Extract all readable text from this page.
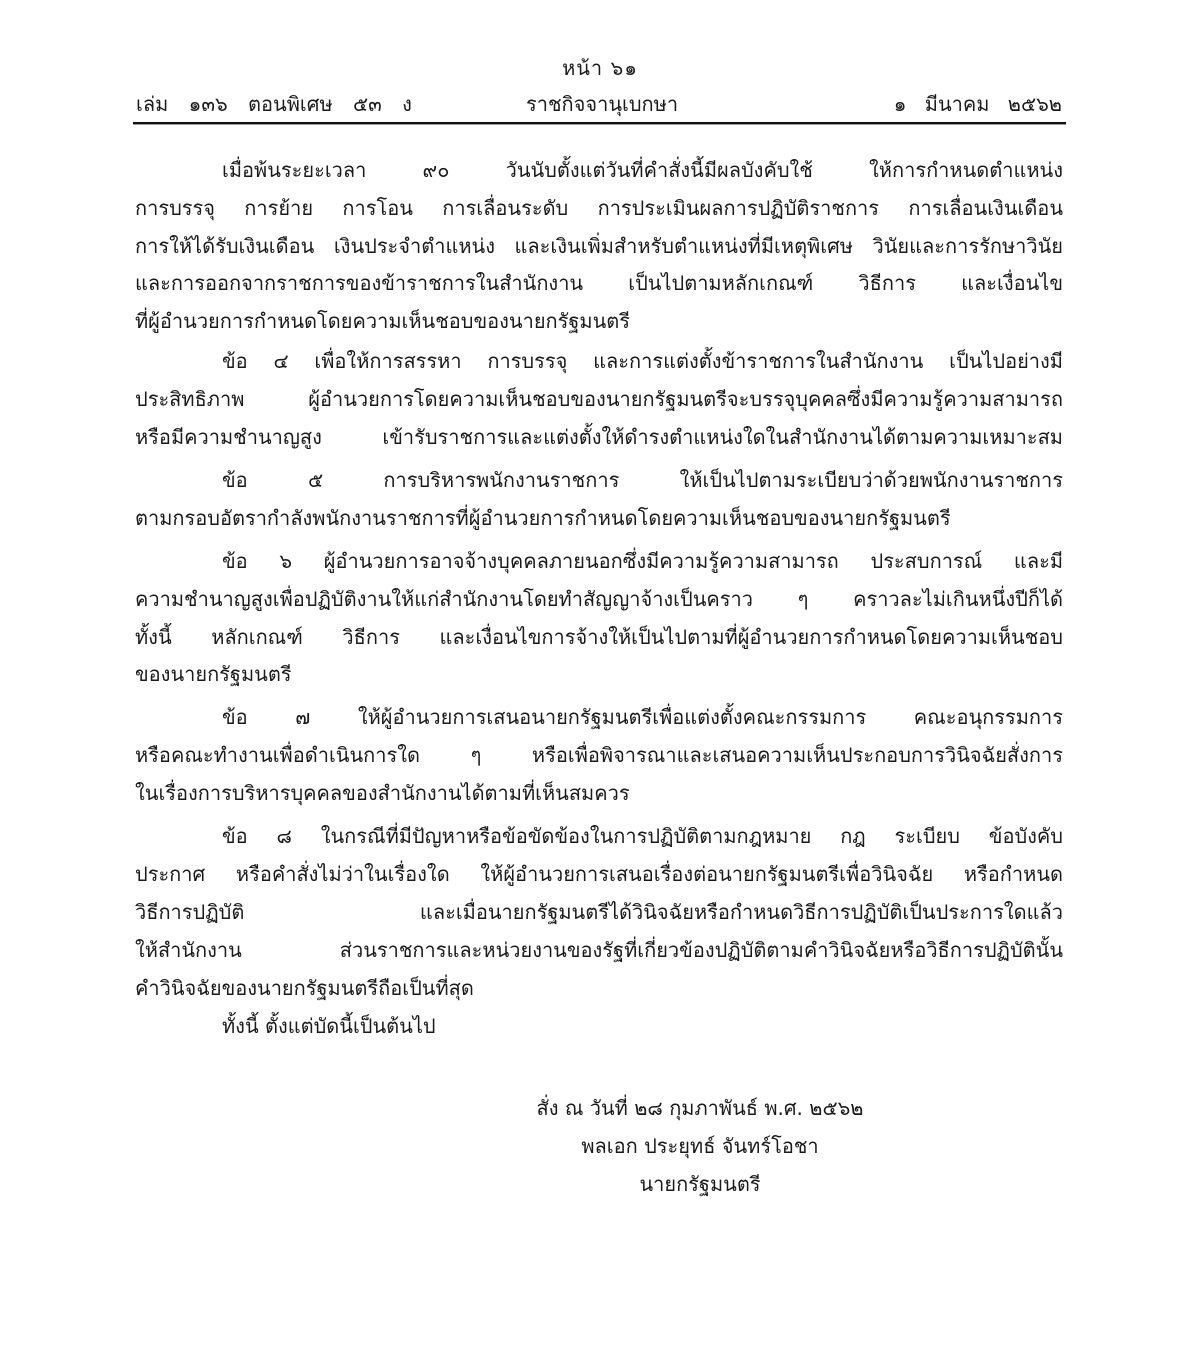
หน้า ๖๑
เล่ม ๑๓๖ ตอนพิเศษ ๕๓ ง	ราชกิจจานุเบกษา	๑ มีนาคม ๒๕๖๒
เมื่อพ้นระยะเวลา ๙๐ วันนับตั้งแต่วันที่คำสั่งนี้มีผลบังคับใช้ ให้การกำหนดตำแหน่ง
การบรรจุ การย้าย การโอน การเลื่อนระดับ การประเมินผลการปฏิบัติราชการ การเลื่อนเงินเดือน
การให้ได้รับเงินเดือน เงินประจำตำแหน่ง และเงินเพิ่มสำหรับตำแหน่งที่มีเหตุพิเศษ วินัยและการรักษาวินัย
และการออกจากราชการของข้าราชการในสำนักงาน เป็นไปตามหลักเกณฑ์ วิธีการ และเงื่อนไข
ที่ผู้อำนวยการกำหนดโดยความเห็นชอบของนายกรัฐมนตรี
ข้อ ๔ เพื่อให้การสรรหา การบรรจุ และการแต่งตั้งข้าราชการในสำนักงาน เป็นไปอย่างมี
ประสิทธิภาพ ผู้อำนวยการโดยความเห็นชอบของนายกรัฐมนตรีจะบรรจุบุคคลซึ่งมีความรู้ความสามารถ
หรือมีความชำนาญสูง เข้ารับราชการและแต่งตั้งให้ดำรงตำแหน่งใดในสำนักงานได้ตามความเหมาะสม
ข้อ ๕ การบริหารพนักงานราชการ ให้เป็นไปตามระเบียบว่าด้วยพนักงานราชการ
ตามกรอบอัตรากำลังพนักงานราชการที่ผู้อำนวยการกำหนดโดยความเห็นชอบของนายกรัฐมนตรี
ข้อ ๖ ผู้อำนวยการอาจจ้างบุคคลภายนอกซึ่งมีความรู้ความสามารถ ประสบการณ์ และมี
ความชำนาญสูงเพื่อปฏิบัติงานให้แก่สำนักงานโดยทำสัญญาจ้างเป็นคราว ๆ คราวละไม่เกินหนึ่งปีก็ได้
ทั้งนี้ หลักเกณฑ์ วิธีการ และเงื่อนไขการจ้างให้เป็นไปตามที่ผู้อำนวยการกำหนดโดยความเห็นชอบ
ของนายกรัฐมนตรี
ข้อ ๗ ให้ผู้อำนวยการเสนอนายกรัฐมนตรีเพื่อแต่งตั้งคณะกรรมการ คณะอนุกรรมการ
หรือคณะทำงานเพื่อดำเนินการใด ๆ หรือเพื่อพิจารณาและเสนอความเห็นประกอบการวินิจฉัยสั่งการ
ในเรื่องการบริหารบุคคลของสำนักงานได้ตามที่เห็นสมควร
ข้อ ๘ ในกรณีที่มีปัญหาหรือข้อขัดข้องในการปฏิบัติตามกฎหมาย กฎ ระเบียบ ข้อบังคับ
ประกาศ หรือคำสั่งไม่ว่าในเรื่องใด ให้ผู้อำนวยการเสนอเรื่องต่อนายกรัฐมนตรีเพื่อวินิจฉัย หรือกำหนด
วิธีการปฏิบัติ และเมื่อนายกรัฐมนตรีได้วินิจฉัยหรือกำหนดวิธีการปฏิบัติเป็นประการใดแล้ว
ให้สำนักงาน ส่วนราชการและหน่วยงานของรัฐที่เกี่ยวข้องปฏิบัติตามคำวินิจฉัยหรือวิธีการปฏิบัตินั้น
คำวินิจฉัยของนายกรัฐมนตรีถือเป็นที่สุด
ทั้งนี้ ตั้งแต่บัดนี้เป็นต้นไป
สั่ง ณ วันที่ ๒๘ กุมภาพันธ์ พ.ศ. ๒๕๖๒
พลเอก ประยุทธ์ จันทร์โอชา
นายกรัฐมนตรี
